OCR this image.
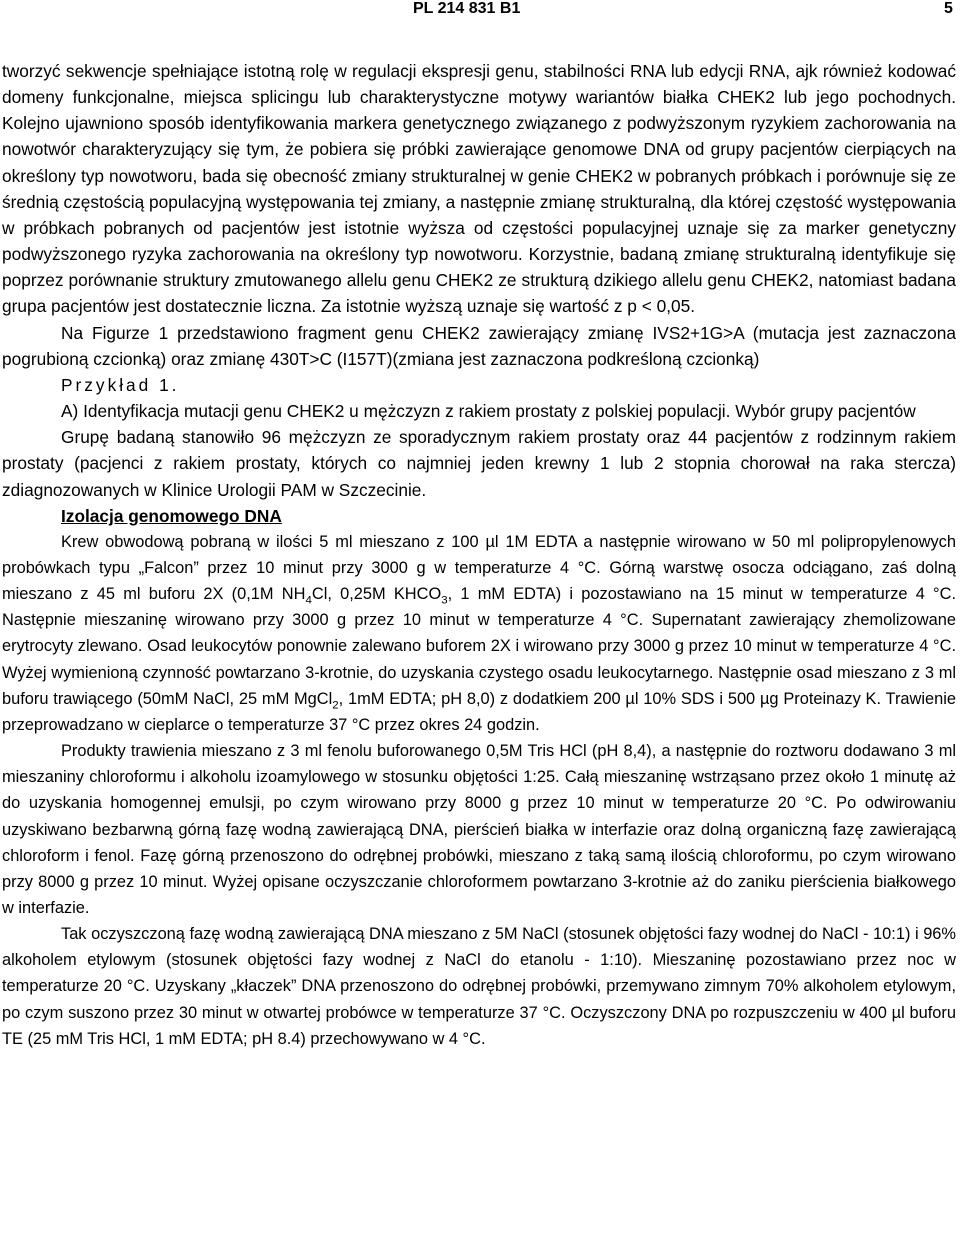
PL 214 831 B1	5

tworzyć sekwencje spełniające istotną rolę w regulacji ekspresji genu, stabilności RNA lub edycji RNA, ajk również kodować domeny funkcjonalne, miejsca splicingu lub charakterystyczne motywy wariantów białka CHEK2 lub jego pochodnych. Kolejno ujawniono sposób identyfikowania markera genetycznego związanego z podwyższonym ryzykiem zachorowania na nowotwór charakteryzujący się tym, że pobiera się próbki zawierające genomowe DNA od grupy pacjentów cierpiących na określony typ nowotworu, bada się obecność zmiany strukturalnej w genie CHEK2 w pobranych próbkach i porównuje się ze średnią częstością populacyjną występowania tej zmiany, a następnie zmianę strukturalną, dla której częstość występowania w próbkach pobranych od pacjentów jest istotnie wyższa od częstości populacyjnej uznaje się za marker genetyczny podwyższonego ryzyka zachorowania na określony typ nowotworu. Korzystnie, badaną zmianę strukturalną identyfikuje się poprzez porównanie struktury zmutowanego allelu genu CHEK2 ze strukturą dzikiego allelu genu CHEK2, natomiast badana grupa pacjentów jest dostatecznie liczna. Za istotnie wyższą uznaje się wartość z p < 0,05.

Na Figurze 1 przedstawiono fragment genu CHEK2 zawierający zmianę IVS2+1G>A (mutacja jest zaznaczona pogrubioną czcionką) oraz zmianę 430T>C (I157T)(zmiana jest zaznaczona podkreśloną czcionką)

Przykład 1.

A) Identyfikacja mutacji genu CHEK2 u mężczyzn z rakiem prostaty z polskiej populacji. Wybór grupy pacjentów

Grupę badaną stanowiło 96 mężczyzn ze sporadycznym rakiem prostaty oraz 44 pacjentów z rodzinnym rakiem prostaty (pacjenci z rakiem prostaty, których co najmniej jeden krewny 1 lub 2 stopnia chorował na raka stercza) zdiagnozowanych w Klinice Urologii PAM w Szczecinie.

Izolacja genomowego DNA

Krew obwodową pobraną w ilości 5 ml mieszano z 100 µl 1M EDTA a następnie wirowano w 50 ml polipropylenowych probówkach typu „Falcon” przez 10 minut przy 3000 g w temperaturze 4 °C. Górną warstwę osocza odciągano, zaś dolną mieszano z 45 ml buforu 2X (0,1M $NH_4Cl$, 0,25M $KHCO_3$, 1 mM EDTA) i pozostawiano na 15 minut w temperaturze 4 °C. Następnie mieszaninę wirowano przy 3000 g przez 10 minut w temperaturze 4 °C. Supernatant zawierający zhemolizowane erytrocyty zlewano. Osad leukocytów ponownie zalewano buforem 2X i wirowano przy 3000 g przez 10 minut w temperaturze 4 °C. Wyżej wymienioną czynność powtarzano 3-krotnie, do uzyskania czystego osadu leukocytarnego. Następnie osad mieszano z 3 ml buforu trawiącego (50mM NaCl, 25 mM MgCl$_2$, 1mM EDTA; pH 8,0) z dodatkiem 200 µl 10% SDS i 500 µg Proteinazy K. Trawienie przeprowadzano w cieplarce o temperaturze 37 °C przez okres 24 godzin.

Produkty trawienia mieszano z 3 ml fenolu buforowanego 0,5M Tris HCl (pH 8,4), a następnie do roztworu dodawano 3 ml mieszaniny chloroformu i alkoholu izoamylowego w stosunku objętości 1:25. Całą mieszaninę wstrząsano przez około 1 minutę aż do uzyskania homogennej emulsji, po czym wirowano przy 8000 g przez 10 minut w temperaturze 20 °C. Po odwirowaniu uzyskiwano bezbarwną górną fazę wodną zawierającą DNA, pierścień białka w interfazie oraz dolną organiczną fazę zawierającą chloroform i fenol. Fazę górną przenoszono do odrębnej probówki, mieszano z taką samą ilością chloroformu, po czym wirowano przy 8000 g przez 10 minut. Wyżej opisane oczyszczanie chloroformem powtarzano 3-krotnie aż do zaniku pierścienia białkowego w interfazie.

Tak oczyszczoną fazę wodną zawierającą DNA mieszano z 5M NaCl (stosunek objętości fazy wodnej do NaCl - 10:1) i 96% alkoholem etylowym (stosunek objętości fazy wodnej z NaCl do etanolu - 1:10). Mieszaninę pozostawiano przez noc w temperaturze 20 °C. Uzyskany „kłaczek” DNA przenoszono do odrębnej probówki, przemywano zimnym 70% alkoholem etylowym, po czym suszono przez 30 minut w otwartej probówce w temperaturze 37 °C. Oczyszczony DNA po rozpuszczeniu w 400 µl buforu TE (25 mM Tris HCl, 1 mM EDTA; pH 8.4) przechowywano w 4 °C.
